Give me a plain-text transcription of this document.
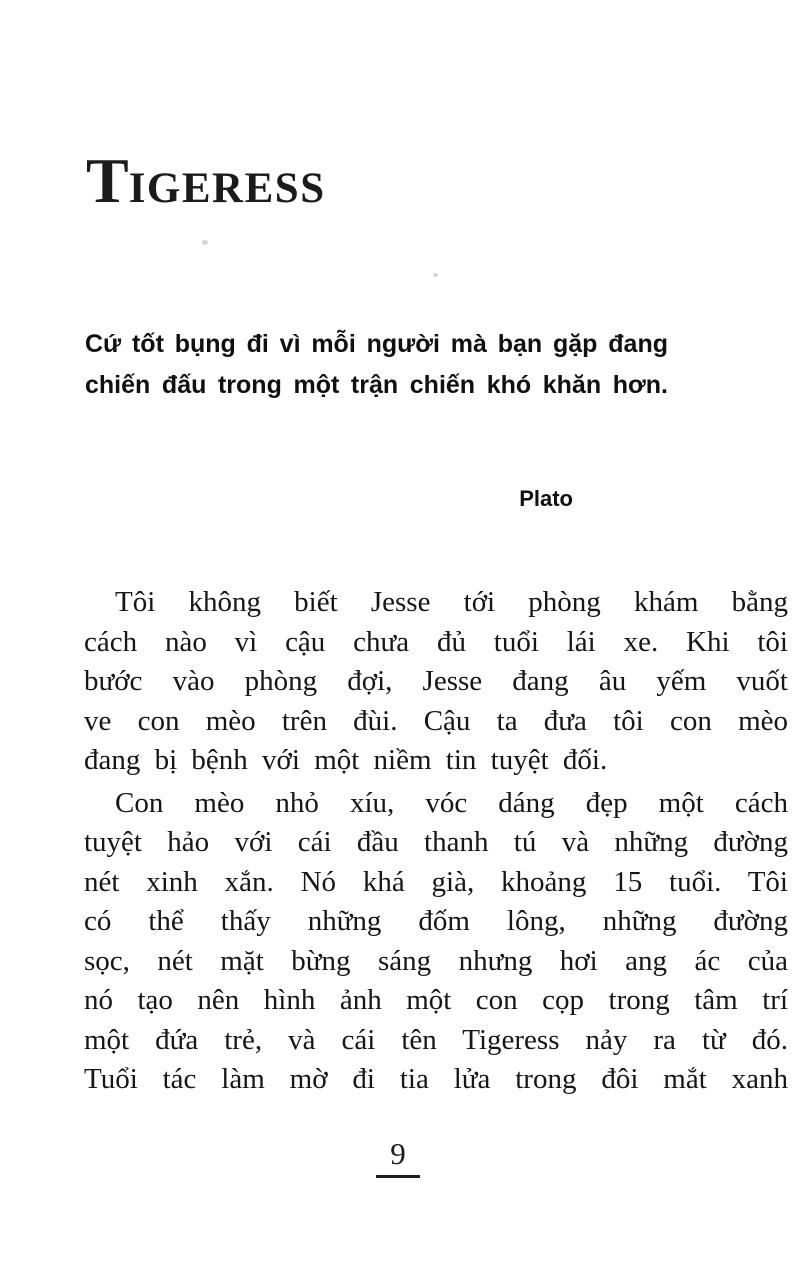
TIGERESS
Cứ tốt bụng đi vì mỗi người mà bạn gặp đang
chiến đấu trong một trận chiến khó khăn hơn.
Plato
Tôi không biết Jesse tới phòng khám bằng
cách nào vì cậu chưa đủ tuổi lái xe. Khi tôi
bước vào phòng đợi, Jesse đang âu yếm vuốt
ve con mèo trên đùi. Cậu ta đưa tôi con mèo
đang bị bệnh với một niềm tin tuyệt đối.
Con mèo nhỏ xíu, vóc dáng đẹp một cách
tuyệt hảo với cái đầu thanh tú và những đường
nét xinh xắn. Nó khá già, khoảng 15 tuổi. Tôi
có thể thấy những đốm lông, những đường
sọc, nét mặt bừng sáng nhưng hơi ang ác của
nó tạo nên hình ảnh một con cọp trong tâm trí
một đứa trẻ, và cái tên Tigeress nảy ra từ đó.
Tuổi tác làm mờ đi tia lửa trong đôi mắt xanh
9
